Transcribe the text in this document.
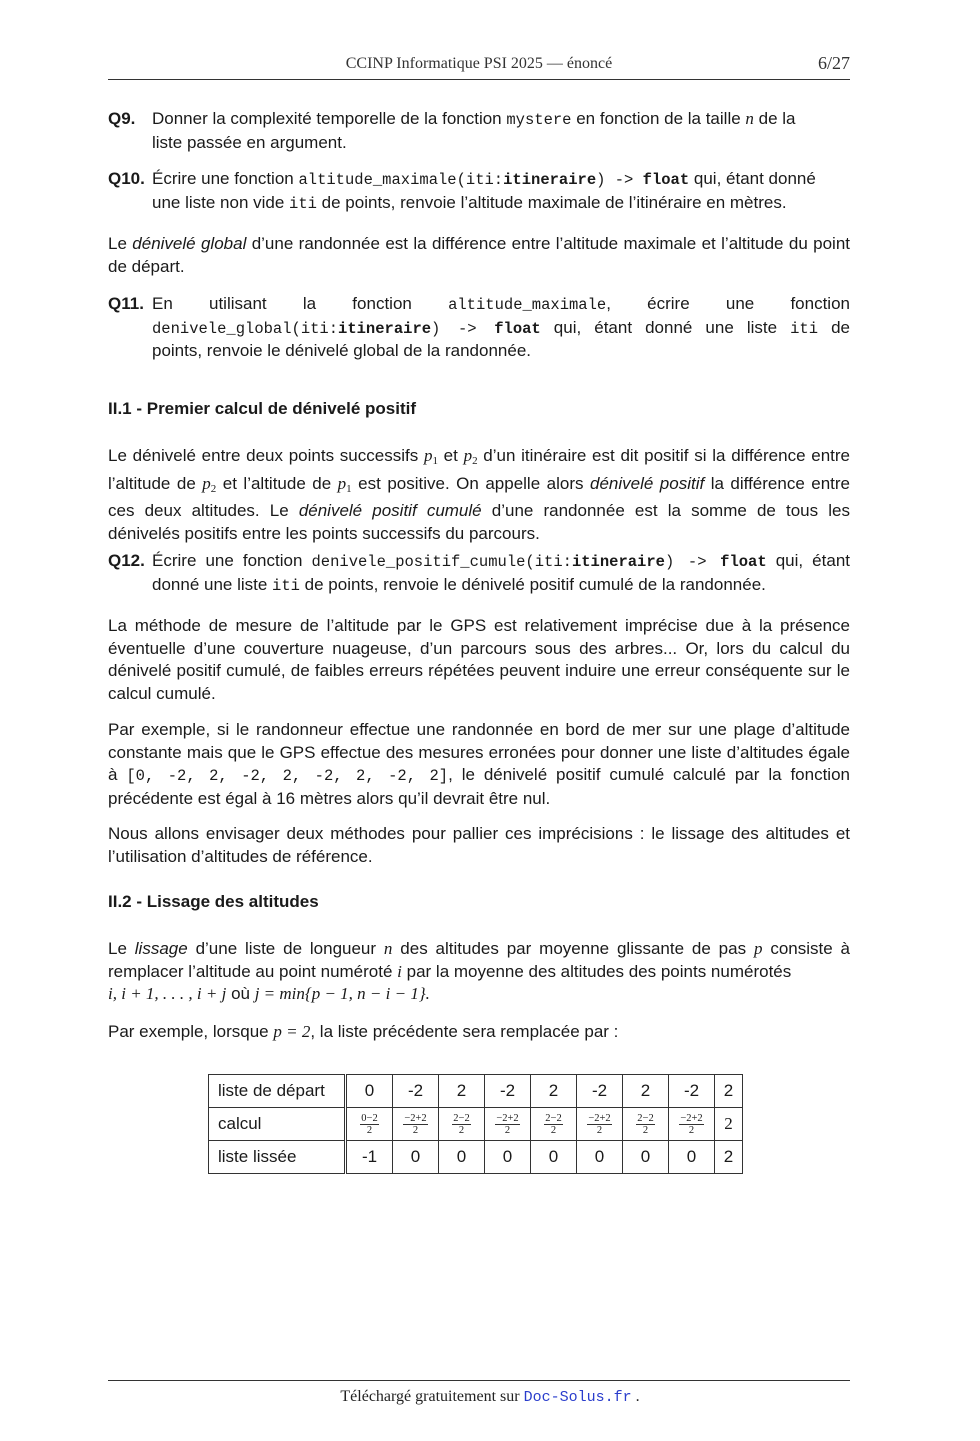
CCINP Informatique PSI 2025 — énoncé	6/27
Q9. Donner la complexité temporelle de la fonction mystere en fonction de la taille n de la
liste passée en argument.
Q10. Écrire une fonction altitude_maximale(iti:itineraire) -> float qui, étant donné
une liste non vide iti de points, renvoie l’altitude maximale de l’itinéraire en mètres.
Le dénivelé global d’une randonnée est la différence entre l’altitude maximale et l’altitude du point de départ.
Q11. En utilisant la fonction altitude_maximale, écrire une fonction
denivele_global(iti:itineraire) -> float qui, étant donné une liste iti de
points, renvoie le dénivelé global de la randonnée.
II.1 - Premier calcul de dénivelé positif
Le dénivelé entre deux points successifs $p_1$ et $p_2$ d’un itinéraire est dit positif si la différence entre l’altitude de $p_2$ et l’altitude de $p_1$ est positive. On appelle alors dénivelé positif la différence entre ces deux altitudes. Le dénivelé positif cumulé d’une randonnée est la somme de tous les dénivelés positifs entre les points successifs du parcours.
Q12. Écrire une fonction denivele_positif_cumule(iti:itineraire) -> float qui, étant
donné une liste iti de points, renvoie le dénivelé positif cumulé de la randonnée.
La méthode de mesure de l’altitude par le GPS est relativement imprécise due à la présence éventuelle d’une couverture nuageuse, d’un parcours sous des arbres... Or, lors du calcul du dénivelé positif cumulé, de faibles erreurs répétées peuvent induire une erreur conséquente sur le calcul cumulé.
Par exemple, si le randonneur effectue une randonnée en bord de mer sur une plage d’altitude constante mais que le GPS effectue des mesures erronées pour donner une liste d’altitudes égale à [0, -2, 2, -2, 2, -2, 2, -2, 2], le dénivelé positif cumulé calculé par la fonction précédente est égal à 16 mètres alors qu’il devrait être nul.
Nous allons envisager deux méthodes pour pallier ces imprécisions : le lissage des altitudes et l’utilisation d’altitudes de référence.
II.2 - Lissage des altitudes
Le lissage d’une liste de longueur n des altitudes par moyenne glissante de pas p consiste à remplacer l’altitude au point numéroté i par la moyenne des altitudes des points numérotés
i, i + 1, . . . , i + j où j = min{p − 1, n − i − 1}.
Par exemple, lorsque p = 2, la liste précédente sera remplacée par :
liste de départ	0	-2	2	-2	2	-2	2	-2	2
calcul	$\frac{0-2}{2}$	$\frac{-2+2}{2}$	$\frac{2-2}{2}$	$\frac{-2+2}{2}$	$\frac{2-2}{2}$	$\frac{-2+2}{2}$	$\frac{2-2}{2}$	$\frac{-2+2}{2}$	2
liste lissée	-1	0	0	0	0	0	0	0	2
Téléchargé gratuitement sur Doc-Solus.fr .
